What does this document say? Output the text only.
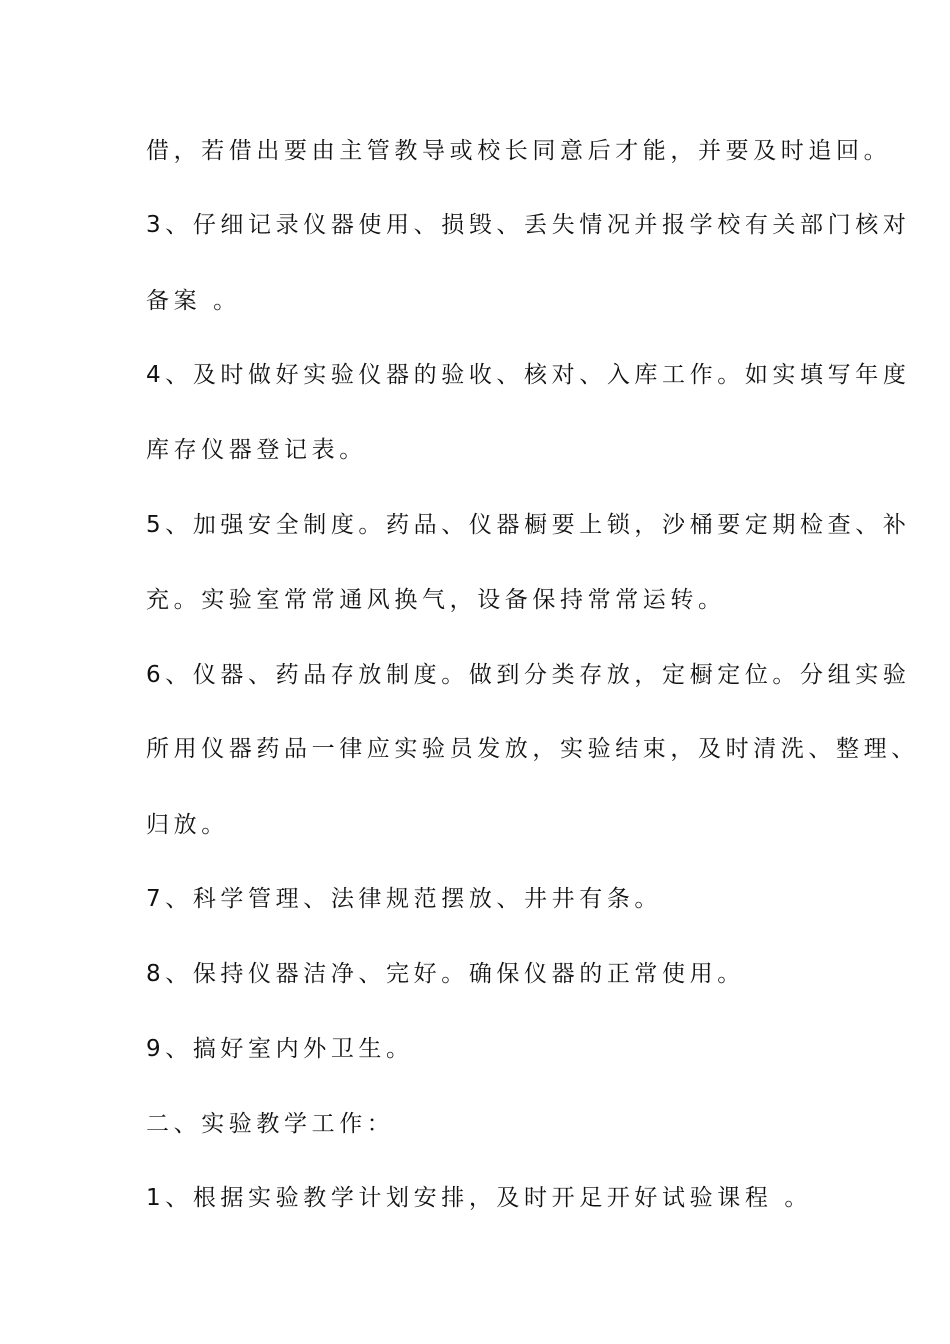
借，若借出要由主管教导或校长同意后才能，并要及时追回。
3、仔细记录仪器使用、损毁、丢失情况并报学校有关部门核对
备案 。
4、及时做好实验仪器的验收、核对、入库工作。如实填写年度
库存仪器登记表。
5、加强安全制度。药品、仪器橱要上锁，沙桶要定期检查、补
充。实验室常常通风换气，设备保持常常运转。
6、仪器、药品存放制度。做到分类存放，定橱定位。分组实验
所用仪器药品一律应实验员发放，实验结束，及时清洗、整理、
归放。
7、科学管理、法律规范摆放、井井有条。
8、保持仪器洁净、完好。确保仪器的正常使用。
9、搞好室内外卫生。
二、实验教学工作：
1、根据实验教学计划安排，及时开足开好试验课程 。
